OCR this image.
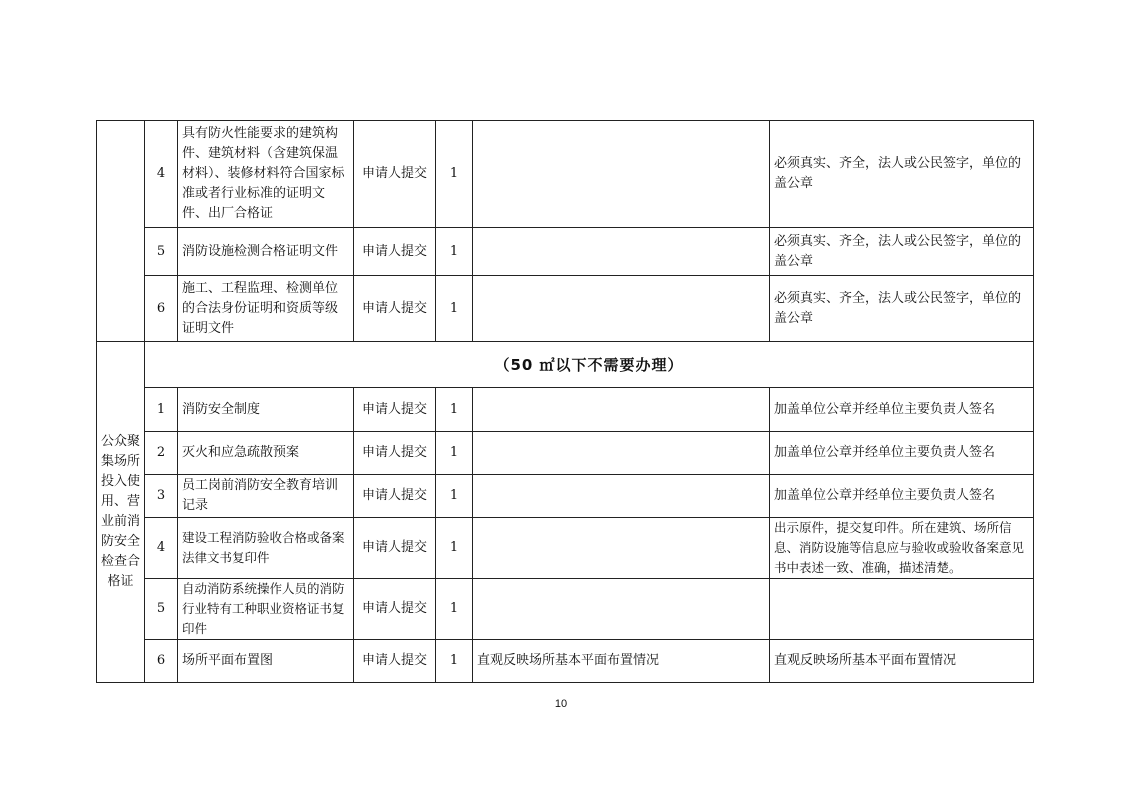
	4	具有防火性能要求的建筑构件、建筑材料（含建筑保温材料）、装修材料符合国家标准或者行业标准的证明文件、出厂合格证	申请人提交	1		必须真实、齐全，法人或公民签字，单位的盖公章
	5	消防设施检测合格证明文件	申请人提交	1		必须真实、齐全，法人或公民签字，单位的盖公章
	6	施工、工程监理、检测单位的合法身份证明和资质等级证明文件	申请人提交	1		必须真实、齐全，法人或公民签字，单位的盖公章
公众聚集场所投入使用、营业前消防安全检查合格证	（50 ㎡以下不需要办理）					
	1	消防安全制度	申请人提交	1		加盖单位公章并经单位主要负责人签名
	2	灭火和应急疏散预案	申请人提交	1		加盖单位公章并经单位主要负责人签名
	3	员工岗前消防安全教育培训记录	申请人提交	1		加盖单位公章并经单位主要负责人签名
	4	建设工程消防验收合格或备案法律文书复印件	申请人提交	1		出示原件，提交复印件。所在建筑、场所信息、消防设施等信息应与验收或验收备案意见书中表述一致、准确，描述清楚。
	5	自动消防系统操作人员的消防行业特有工种职业资格证书复印件	申请人提交	1		
	6	场所平面布置图	申请人提交	1	直观反映场所基本平面布置情况	直观反映场所基本平面布置情况
10
